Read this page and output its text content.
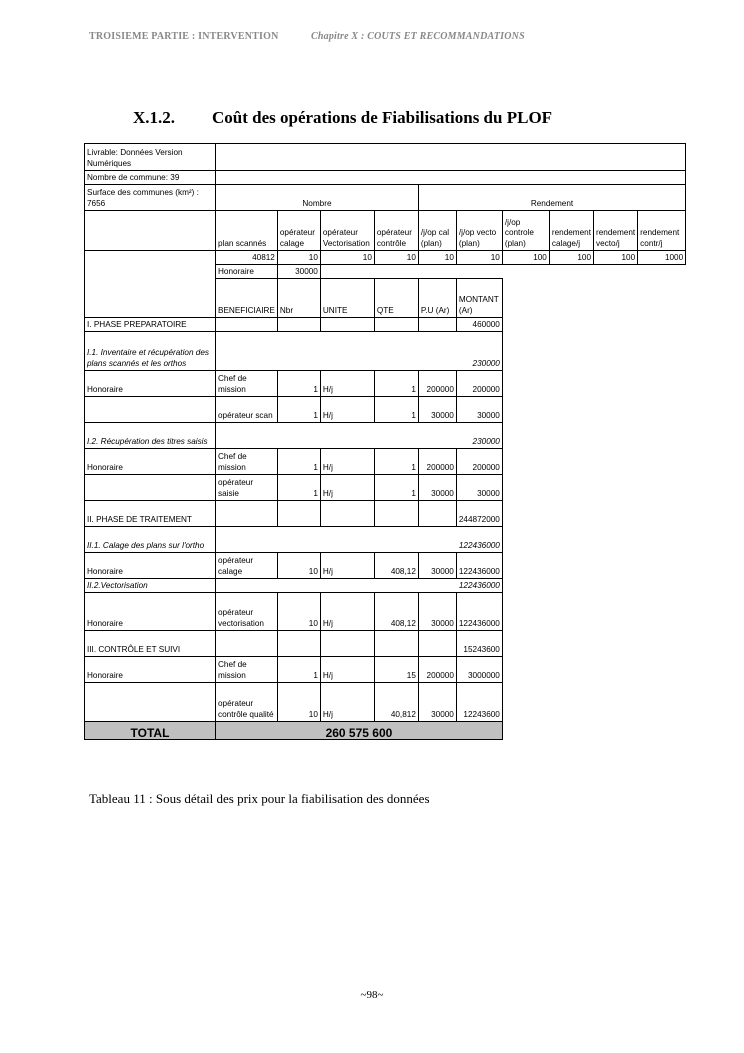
TROISIEME PARTIE : INTERVENTION	Chapitre X : COUTS ET RECOMMANDATIONS
X.1.2. Coût des opérations de Fiabilisations du PLOF
Livrable: Données Version Numériques										
Nombre de commune: 39										
Surface des communes (km²) : 7656	Nombre				Rendement					
	plan scannés	opérateur calage	opérateur Vectorisation	opérateur contrôle	/j/op cal (plan)	/j/op vecto (plan)	/j/op controle (plan)	rendement calage/j	rendement vecto/j	rendement contr/j
	40812	10	10	10	10	10	100	100	100	1000
	Honoraire	30000								
	BENEFICIAIRE	Nbr	UNITE	QTE	P.U (Ar)	MONTANT (Ar)				
I. PHASE PREPARATOIRE						460000				
I.1. Inventaire et récupération des plans scannés et les orthos	230000									
Honoraire	Chef de mission	1	H/j	1	200000	200000				
	opérateur scan	1	H/j	1	30000	30000				
I.2. Récupération des titres saisis	230000									
Honoraire	Chef de mission	1	H/j	1	200000	200000				
	opérateur saisie	1	H/j	1	30000	30000				
II. PHASE DE TRAITEMENT						244872000				
II.1. Calage des plans sur l'ortho	122436000									
Honoraire	opérateur calage	10	H/j	408,12	30000	122436000				
II.2.Vectorisation	122436000									
Honoraire	opérateur vectorisation	10	H/j	408,12	30000	122436000				
III. CONTRÔLE ET SUIVI						15243600				
Honoraire	Chef de mission	1	H/j	15	200000	3000000				
	opérateur contrôle qualité	10	H/j	40,812	30000	12243600				
TOTAL	260 575 600									
Tableau 11 : Sous détail des prix pour la fiabilisation des données
~98~
